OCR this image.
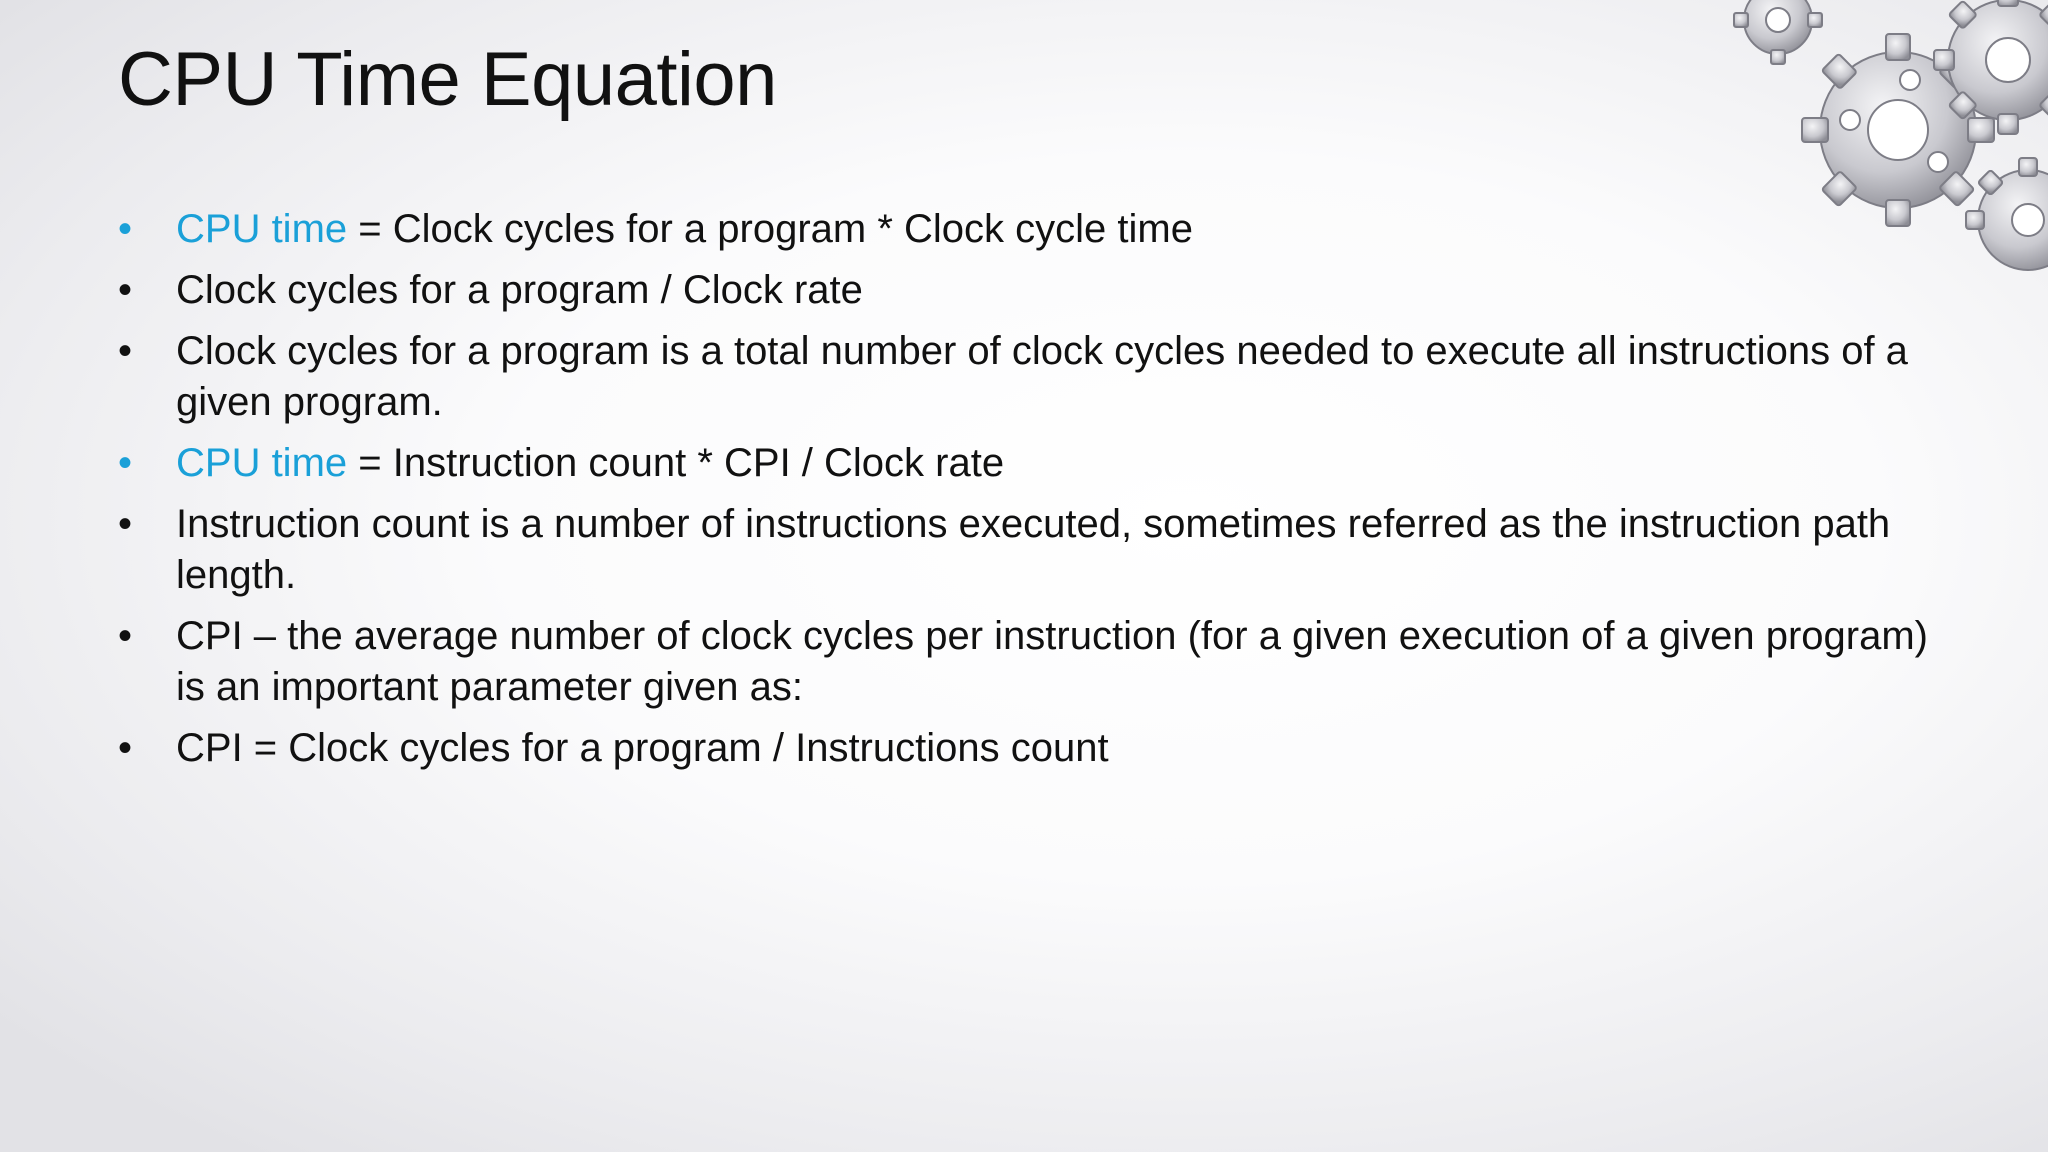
CPU Time Equation
•	CPU time = Clock cycles for a program * Clock cycle time
•	Clock cycles for a program / Clock rate
•	Clock cycles for a program is a total number of clock cycles needed to execute all instructions of a given program.
•	CPU time = Instruction count * CPI / Clock rate
•	Instruction count is a number of instructions executed, sometimes referred as the instruction path length.
•	CPI – the average number of clock cycles per instruction (for a given execution of a given program) is an important parameter given as:
•	CPI = Clock cycles for a program / Instructions count
